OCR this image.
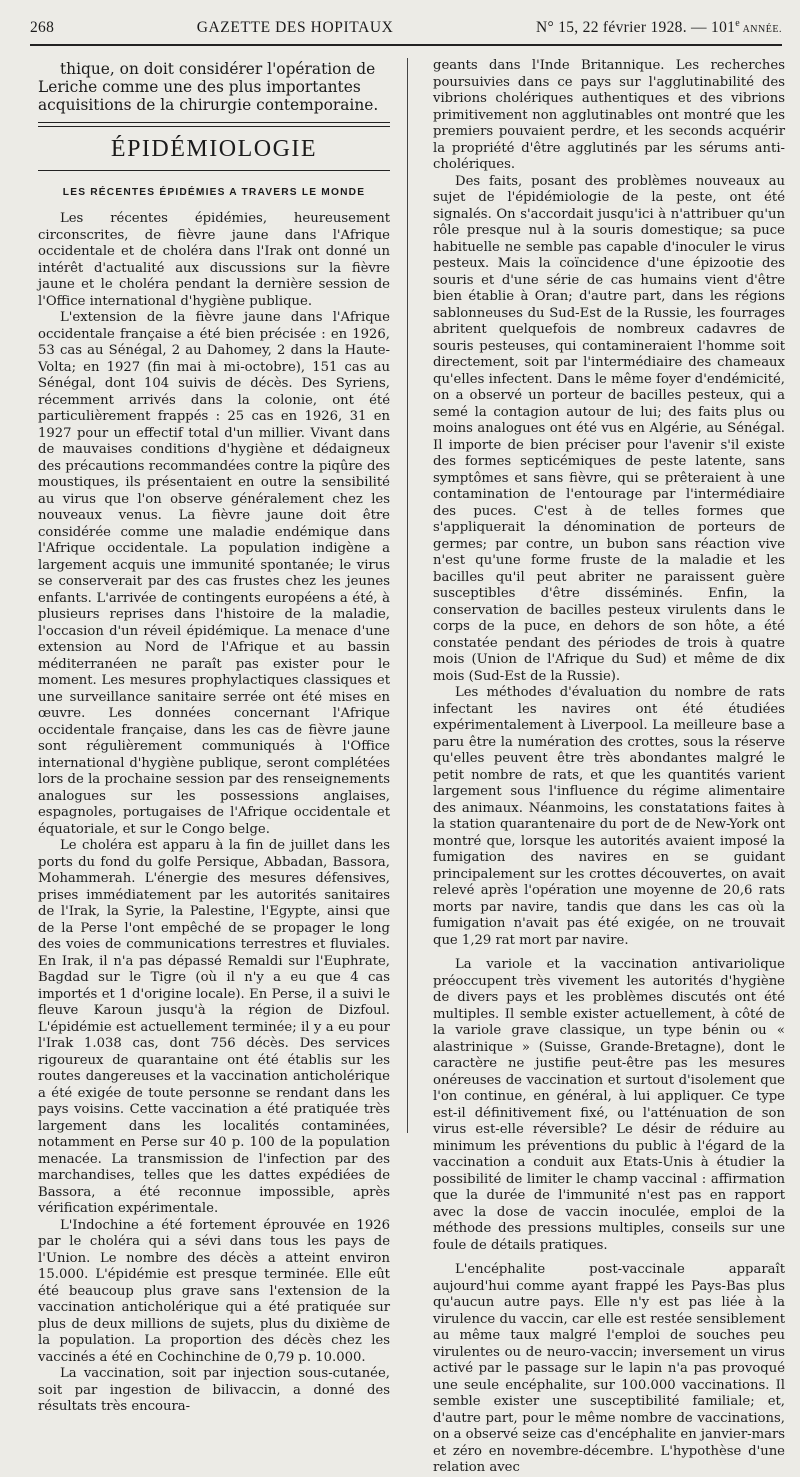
268	GAZETTE DES HOPITAUX	N° 15, 22 février 1928. — 101e ANNÉE.

thique, on doit considérer l'opération de Leriche comme une des plus importantes acquisitions de la chirurgie contemporaine.

ÉPIDÉMIOLOGIE
LES RÉCENTES ÉPIDÉMIES A TRAVERS LE MONDE

Les récentes épidémies, heureusement circonscrites, de fièvre jaune dans l'Afrique occidentale et de choléra dans l'Irak ont donné un intérêt d'actualité aux discussions sur la fièvre jaune et le choléra pendant la dernière session de l'Office international d'hygiène publique.

L'extension de la fièvre jaune dans l'Afrique occidentale française a été bien précisée : en 1926, 53 cas au Sénégal, 2 au Dahomey, 2 dans la Haute-Volta; en 1927 (fin mai à mi-octobre), 151 cas au Sénégal, dont 104 suivis de décès. Des Syriens, récemment arrivés dans la colonie, ont été particulièrement frappés : 25 cas en 1926, 31 en 1927 pour un effectif total d'un millier. Vivant dans de mauvaises conditions d'hygiène et dédaigneux des précautions recommandées contre la piqûre des moustiques, ils présentaient en outre la sensibilité au virus que l'on observe généralement chez les nouveaux venus. La fièvre jaune doit être considérée comme une maladie endémique dans l'Afrique occidentale. La population indigène a largement acquis une immunité spontanée; le virus se conserverait par des cas frustes chez les jeunes enfants. L'arrivée de contingents européens a été, à plusieurs reprises dans l'histoire de la maladie, l'occasion d'un réveil épidémique. La menace d'une extension au Nord de l'Afrique et au bassin méditerranéen ne paraît pas exister pour le moment. Les mesures prophylactiques classiques et une surveillance sanitaire serrée ont été mises en œuvre. Les données concernant l'Afrique occidentale française, dans les cas de fièvre jaune sont régulièrement communiqués à l'Office international d'hygiène publique, seront complétées lors de la prochaine session par des renseignements analogues sur les possessions anglaises, espagnoles, portugaises de l'Afrique occidentale et équatoriale, et sur le Congo belge.

Le choléra est apparu à la fin de juillet dans les ports du fond du golfe Persique, Abbadan, Bassora, Mohammerah. L'énergie des mesures défensives, prises immédiatement par les autorités sanitaires de l'Irak, la Syrie, la Palestine, l'Egypte, ainsi que de la Perse l'ont empêché de se propager le long des voies de communications terrestres et fluviales. En Irak, il n'a pas dépassé Remaldi sur l'Euphrate, Bagdad sur le Tigre (où il n'y a eu que 4 cas importés et 1 d'origine locale). En Perse, il a suivi le fleuve Karoun jusqu'à la région de Dizfoul. L'épidémie est actuellement terminée; il y a eu pour l'Irak 1.038 cas, dont 756 décès. Des services rigoureux de quarantaine ont été établis sur les routes dangereuses et la vaccination anticholérique a été exigée de toute personne se rendant dans les pays voisins. Cette vaccination a été pratiquée très largement dans les localités contaminées, notamment en Perse sur 40 p. 100 de la population menacée. La transmission de l'infection par des marchandises, telles que les dattes expédiées de Bassora, a été reconnue impossible, après vérification expérimentale.

L'Indochine a été fortement éprouvée en 1926 par le choléra qui a sévi dans tous les pays de l'Union. Le nombre des décès a atteint environ 15.000. L'épidémie est presque terminée. Elle eût été beaucoup plus grave sans l'extension de la vaccination anticholérique qui a été pratiquée sur plus de deux millions de sujets, plus du dixième de la population. La proportion des décès chez les vaccinés a été en Cochinchine de 0,79 p. 10.000.

La vaccination, soit par injection sous-cutanée, soit par ingestion de bilivaccin, a donné des résultats très encoura-

geants dans l'Inde Britannique. Les recherches poursuivies dans ce pays sur l'agglutinabilité des vibrions cholériques authentiques et des vibrions primitivement non agglutinables ont montré que les premiers pouvaient perdre, et les seconds acquérir la propriété d'être agglutinés par les sérums anti-cholériques.

Des faits, posant des problèmes nouveaux au sujet de l'épidémiologie de la peste, ont été signalés. On s'accordait jusqu'ici à n'attribuer qu'un rôle presque nul à la souris domestique; sa puce habituelle ne semble pas capable d'inoculer le virus pesteux. Mais la coïncidence d'une épizootie des souris et d'une série de cas humains vient d'être bien établie à Oran; d'autre part, dans les régions sablonneuses du Sud-Est de la Russie, les fourrages abritent quelquefois de nombreux cadavres de souris pesteuses, qui contamineraient l'homme soit directement, soit par l'intermédiaire des chameaux qu'elles infectent. Dans le même foyer d'endémicité, on a observé un porteur de bacilles pesteux, qui a semé la contagion autour de lui; des faits plus ou moins analogues ont été vus en Algérie, au Sénégal. Il importe de bien préciser pour l'avenir s'il existe des formes septicémiques de peste latente, sans symptômes et sans fièvre, qui se prêteraient à une contamination de l'entourage par l'intermédiaire des puces. C'est à de telles formes que s'appliquerait la dénomination de porteurs de germes; par contre, un bubon sans réaction vive n'est qu'une forme fruste de la maladie et les bacilles qu'il peut abriter ne paraissent guère susceptibles d'être disséminés. Enfin, la conservation de bacilles pesteux virulents dans le corps de la puce, en dehors de son hôte, a été constatée pendant des périodes de trois à quatre mois (Union de l'Afrique du Sud) et même de dix mois (Sud-Est de la Russie).

Les méthodes d'évaluation du nombre de rats infectant les navires ont été étudiées expérimentalement à Liverpool. La meilleure base a paru être la numération des crottes, sous la réserve qu'elles peuvent être très abondantes malgré le petit nombre de rats, et que les quantités varient largement sous l'influence du régime alimentaire des animaux. Néanmoins, les constatations faites à la station quarantenaire du port de de New-York ont montré que, lorsque les autorités avaient imposé la fumigation des navires en se guidant principalement sur les crottes découvertes, on avait relevé après l'opération une moyenne de 20,6 rats morts par navire, tandis que dans les cas où la fumigation n'avait pas été exigée, on ne trouvait que 1,29 rat mort par navire.

La variole et la vaccination antivariolique préoccupent très vivement les autorités d'hygiène de divers pays et les problèmes discutés ont été multiples. Il semble exister actuellement, à côté de la variole grave classique, un type bénin ou « alastrinique » (Suisse, Grande-Bretagne), dont le caractère ne justifie peut-être pas les mesures onéreuses de vaccination et surtout d'isolement que l'on continue, en général, à lui appliquer. Ce type est-il définitivement fixé, ou l'atténuation de son virus est-elle réversible? Le désir de réduire au minimum les préventions du public à l'égard de la vaccination a conduit aux Etats-Unis à étudier la possibilité de limiter le champ vaccinal : affirmation que la durée de l'immunité n'est pas en rapport avec la dose de vaccin inoculée, emploi de la méthode des pressions multiples, conseils sur une foule de détails pratiques.

L'encéphalite post-vaccinale apparaît aujourd'hui comme ayant frappé les Pays-Bas plus qu'aucun autre pays. Elle n'y est pas liée à la virulence du vaccin, car elle est restée sensiblement au même taux malgré l'emploi de souches peu virulentes ou de neuro-vaccin; inversement un virus activé par le passage sur le lapin n'a pas provoqué une seule encéphalite, sur 100.000 vaccinations. Il semble exister une susceptibilité familiale; et, d'autre part, pour le même nombre de vaccinations, on a observé seize cas d'encéphalite en janvier-mars et zéro en novembre-décembre. L'hypothèse d'une relation avec
